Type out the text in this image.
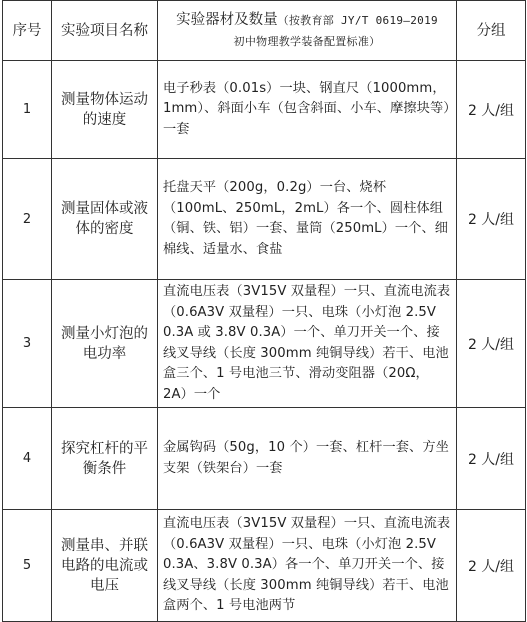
序号	实验项目名称	实验器材及数量（按教育部 JY/T 0619—2019
初中物理教学装备配置标准）	分组
1	测量物体运动的速度	电子秒表（0.01s）一块、钢直尺（1000mm，1mm）、斜面小车（包含斜面、小车、摩擦块等）一套	2 人/组
2	测量固体或液体的密度	托盘天平（200g，0.2g）一台、烧杯（100mL、250mL，2mL）各一个、圆柱体组（铜、铁、铝）一套、量筒（250mL）一个、细棉线、适量水、食盐	2 人/组
3	测量小灯泡的电功率	直流电压表（3V15V 双量程）一只、直流电流表（0.6A3V 双量程）一只、电珠（小灯泡 2.5V 0.3A 或 3.8V 0.3A）一个、单刀开关一个、接线叉导线（长度 300mm 纯铜导线）若干、电池盒三个、1 号电池三节、滑动变阻器（20Ω，2A）一个	2 人/组
4	探究杠杆的平衡条件	金属钩码（50g，10 个）一套、杠杆一套、方坐支架（铁架台）一套	2 人/组
5	测量串、并联电路的电流或电压	直流电压表（3V15V 双量程）一只、直流电流表（0.6A3V 双量程）一只、电珠（小灯泡 2.5V 0.3A、3.8V 0.3A）各一个、单刀开关一个、接线叉导线（长度 300mm 纯铜导线）若干、电池盒两个、1 号电池两节	2 人/组
